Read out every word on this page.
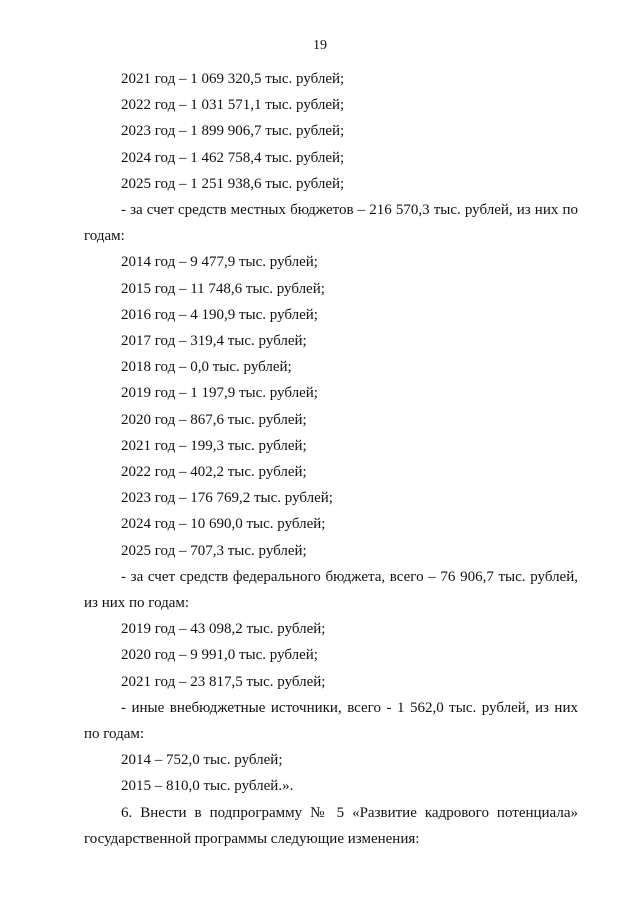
19
2021 год – 1 069 320,5 тыс. рублей;
2022 год – 1 031 571,1 тыс. рублей;
2023 год – 1 899 906,7 тыс. рублей;
2024 год – 1 462 758,4 тыс. рублей;
2025 год – 1 251 938,6 тыс. рублей;
- за счет средств местных бюджетов – 216 570,3 тыс. рублей, из них по годам:
2014 год – 9 477,9 тыс. рублей;
2015 год – 11 748,6 тыс. рублей;
2016 год – 4 190,9 тыс. рублей;
2017 год – 319,4 тыс. рублей;
2018 год – 0,0 тыс. рублей;
2019 год – 1 197,9 тыс. рублей;
2020 год – 867,6 тыс. рублей;
2021 год – 199,3 тыс. рублей;
2022 год – 402,2 тыс. рублей;
2023 год – 176 769,2 тыс. рублей;
2024 год – 10 690,0 тыс. рублей;
2025 год – 707,3 тыс. рублей;
- за счет средств федерального бюджета, всего – 76 906,7 тыс. рублей, из них по годам:
2019 год – 43 098,2 тыс. рублей;
2020 год – 9 991,0 тыс. рублей;
2021 год – 23 817,5 тыс. рублей;
- иные внебюджетные источники, всего - 1 562,0 тыс. рублей, из них по годам:
2014 – 752,0 тыс. рублей;
2015 – 810,0 тыс. рублей.».
6. Внести в подпрограмму № 5 «Развитие кадрового потенциала» государственной программы следующие изменения:
